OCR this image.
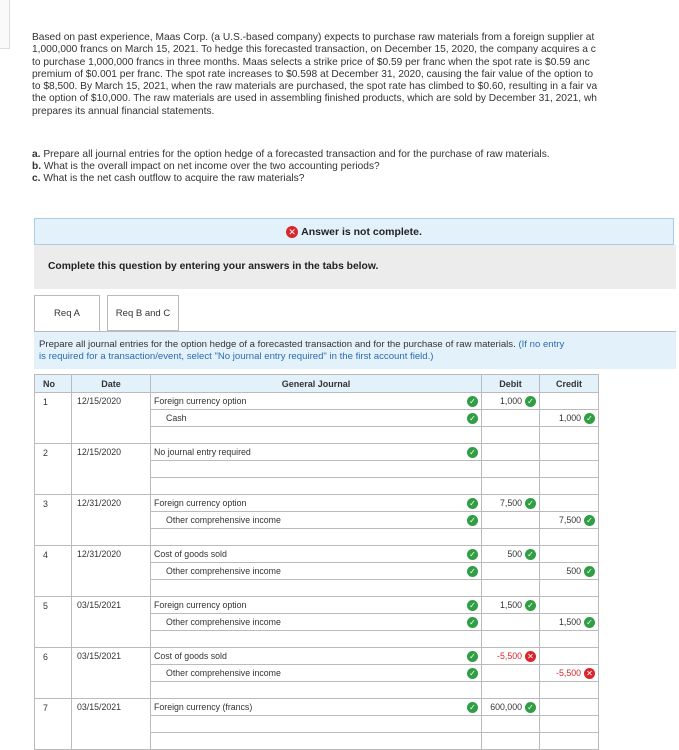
Based on past experience, Maas Corp. (a U.S.-based company) expects to purchase raw materials from a foreign supplier at

1,000,000 francs on March 15, 2021. To hedge this forecasted transaction, on December 15, 2020, the company acquires a c

to purchase 1,000,000 francs in three months. Maas selects a strike price of $0.59 per franc when the spot rate is $0.59 anc

premium of $0.001 per franc. The spot rate increases to $0.598 at December 31, 2020, causing the fair value of the option to

to $8,500. By March 15, 2021, when the raw materials are purchased, the spot rate has climbed to $0.60, resulting in a fair va

the option of $10,000. The raw materials are used in assembling finished products, which are sold by December 31, 2021, wh

prepares its annual financial statements.

a. Prepare all journal entries for the option hedge of a forecasted transaction and for the purchase of raw materials.
b. What is the overall impact on net income over the two accounting periods?
c. What is the net cash outflow to acquire the raw materials?
✕ Answer is not complete.
Complete this question by entering your answers in the tabs below.
Req A	Req B and C
Prepare all journal entries for the option hedge of a forecasted transaction and for the purchase of raw materials. (If no entry
is required for a transaction/event, select "No journal entry required" in the first account field.)
No	Date	General Journal	Debit	Credit
1	12/15/2020	Foreign currency option ✓	1,000 ✓	

		Cash ✓		1,000 ✓

2	12/15/2020	No journal entry required ✓		

3	12/31/2020	Foreign currency option ✓	7,500 ✓	

		Other comprehensive income ✓		7,500 ✓

4	12/31/2020	Cost of goods sold ✓	500 ✓	

		Other comprehensive income ✓		500 ✓

5	03/15/2021	Foreign currency option ✓	1,500 ✓	

		Other comprehensive income ✓		1,500 ✓

6	03/15/2021	Cost of goods sold ✓	-5,500 ✕	

		Other comprehensive income ✓		-5,500 ✕

7	03/15/2021	Foreign currency (francs) ✓	600,000 ✓	
